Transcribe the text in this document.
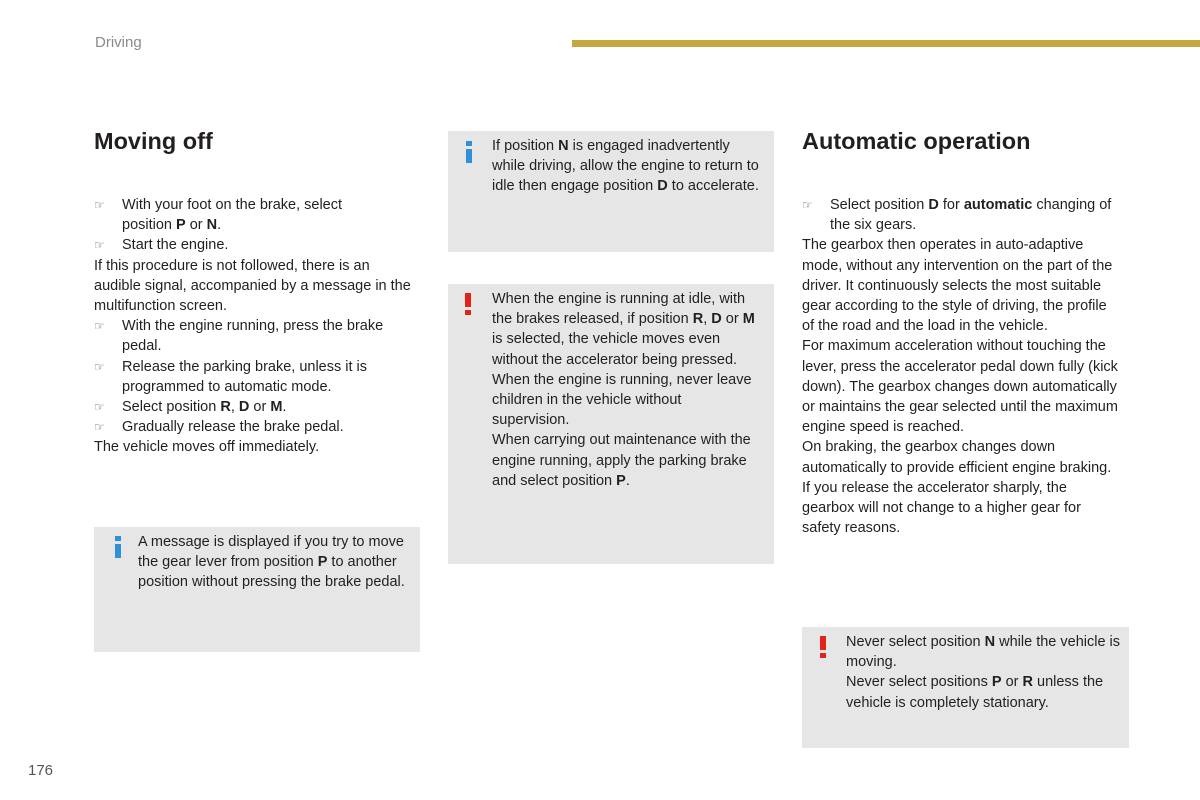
Driving
Moving off
☞ With your foot on the brake, select
position P or N.

☞ Start the engine.

If this procedure is not followed, there is an audible signal, accompanied by a message in the multifunction screen.

☞ With the engine running, press the brake pedal.

☞ Release the parking brake, unless it is programmed to automatic mode.

☞ Select position R, D or M.

☞ Gradually release the brake pedal.

The vehicle moves off immediately.

A message is displayed if you try to move the gear lever from position P to another position without pressing the brake pedal.

If position N is engaged inadvertently while driving, allow the engine to return to idle then engage position D to accelerate.

When the engine is running at idle, with the brakes released, if position R, D or M is selected, the vehicle moves even without the accelerator being pressed.

When the engine is running, never leave children in the vehicle without supervision.

When carrying out maintenance with the engine running, apply the parking brake and select position P.

Automatic operation
☞ Select position D for automatic changing of the six gears.

The gearbox then operates in auto-adaptive mode, without any intervention on the part of the driver. It continuously selects the most suitable gear according to the style of driving, the profile of the road and the load in the vehicle.

For maximum acceleration without touching the lever, press the accelerator pedal down fully (kick down). The gearbox changes down automatically or maintains the gear selected until the maximum engine speed is reached.

On braking, the gearbox changes down automatically to provide efficient engine braking.

If you release the accelerator sharply, the gearbox will not change to a higher gear for safety reasons.

Never select position N while the vehicle is moving.

Never select positions P or R unless the vehicle is completely stationary.

176
